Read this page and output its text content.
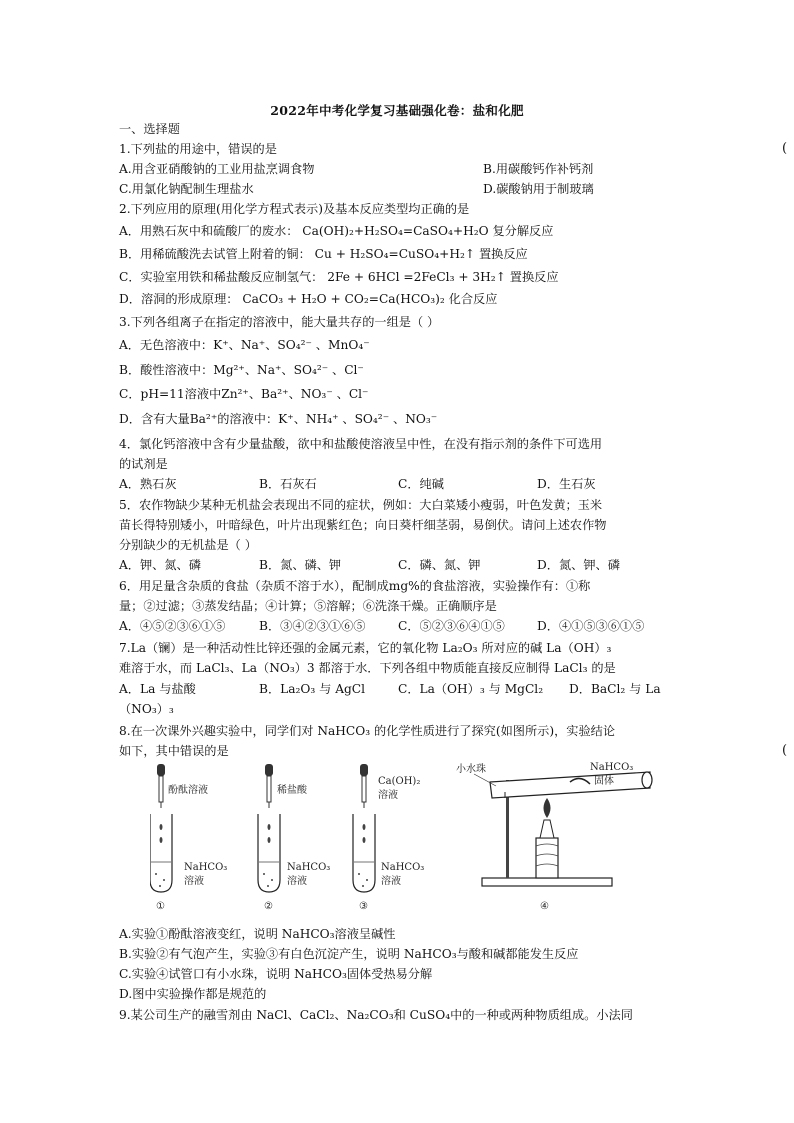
2022年中考化学复习基础强化卷：盐和化肥
一、选择题
(
1.下列盐的用途中，错误的是
A.用含亚硝酸钠的工业用盐烹调食物	B.用碳酸钙作补钙剂
C.用氯化钠配制生理盐水	D.碳酸钠用于制玻璃
2.下列应用的原理(用化学方程式表示)及基本反应类型均正确的是
A．用熟石灰中和硫酸厂的废水： Ca(OH)₂+H₂SO₄=CaSO₄+H₂O 复分解反应
B．用稀硫酸洗去试管上附着的铜： Cu + H₂SO₄=CuSO₄+H₂↑ 置换反应
C．实验室用铁和稀盐酸反应制氢气： 2Fe + 6HCl =2FeCl₃ + 3H₂↑ 置换反应
D．溶洞的形成原理： CaCO₃ + H₂O + CO₂=Ca(HCO₃)₂ 化合反应
3.下列各组离子在指定的溶液中，能大量共存的一组是（ ）
A．无色溶液中：K⁺、Na⁺、SO₄²⁻ 、MnO₄⁻
B．酸性溶液中：Mg²⁺、Na⁺、SO₄²⁻ 、Cl⁻
C．pH=11溶液中Zn²⁺、Ba²⁺、NO₃⁻ 、Cl⁻
D．含有大量Ba²⁺的溶液中：K⁺、NH₄⁺ 、SO₄²⁻ 、NO₃⁻
4．氯化钙溶液中含有少量盐酸，欲中和盐酸使溶液呈中性，在没有指示剂的条件下可选用
的试剂是
A．熟石灰	B．石灰石	C．纯碱	D．生石灰
5．农作物缺少某种无机盐会表现出不同的症状，例如：大白菜矮小瘦弱，叶色发黄；玉米
苗长得特别矮小，叶暗绿色，叶片出现紫红色；向日葵杆细茎弱，易倒伏。请问上述农作物
分别缺少的无机盐是（ ）
A．钾、氮、磷	B．氮、磷、钾	C．磷、氮、钾	D．氮、钾、磷
6．用足量含杂质的食盐（杂质不溶于水），配制成mg%的食盐溶液，实验操作有：①称
量；②过滤；③蒸发结晶；④计算；⑤溶解；⑥洗涤干燥。正确顺序是
A．④⑤②③⑥①⑤	B．③④②③①⑥⑤	C．⑤②③⑥④①⑤	D．④①⑤③⑥①⑤
7.La（镧）是一种活动性比锌还强的金属元素，它的氧化物 La₂O₃ 所对应的碱 La（OH）₃
难溶于水，而 LaCl₃、La（NO₃）3 都溶于水．下列各组中物质能直接反应制得 LaCl₃ 的是
A．La 与盐酸	B．La₂O₃ 与 AgCl	C．La（OH）₃ 与 MgCl₂ D．BaCl₂ 与 La
（NO₃）₃
8.在一次课外兴趣实验中，同学们对 NaHCO₃ 的化学性质进行了探究(如图所示)，实验结论
如下，其中错误的是	(
酚酞溶液
NaHCO₃
溶液
①
稀盐酸
NaHCO₃
溶液
②
Ca(OH)₂
溶液
NaHCO₃
溶液
③
小水珠	NaHCO₃
固体
④
A.实验①酚酞溶液变红，说明 NaHCO₃溶液呈碱性
B.实验②有气泡产生，实验③有白色沉淀产生，说明 NaHCO₃与酸和碱都能发生反应
C.实验④试管口有小水珠，说明 NaHCO₃固体受热易分解
D.图中实验操作都是规范的
9.某公司生产的融雪剂由 NaCl、CaCl₂、Na₂CO₃和 CuSO₄中的一种或两种物质组成。小法同
